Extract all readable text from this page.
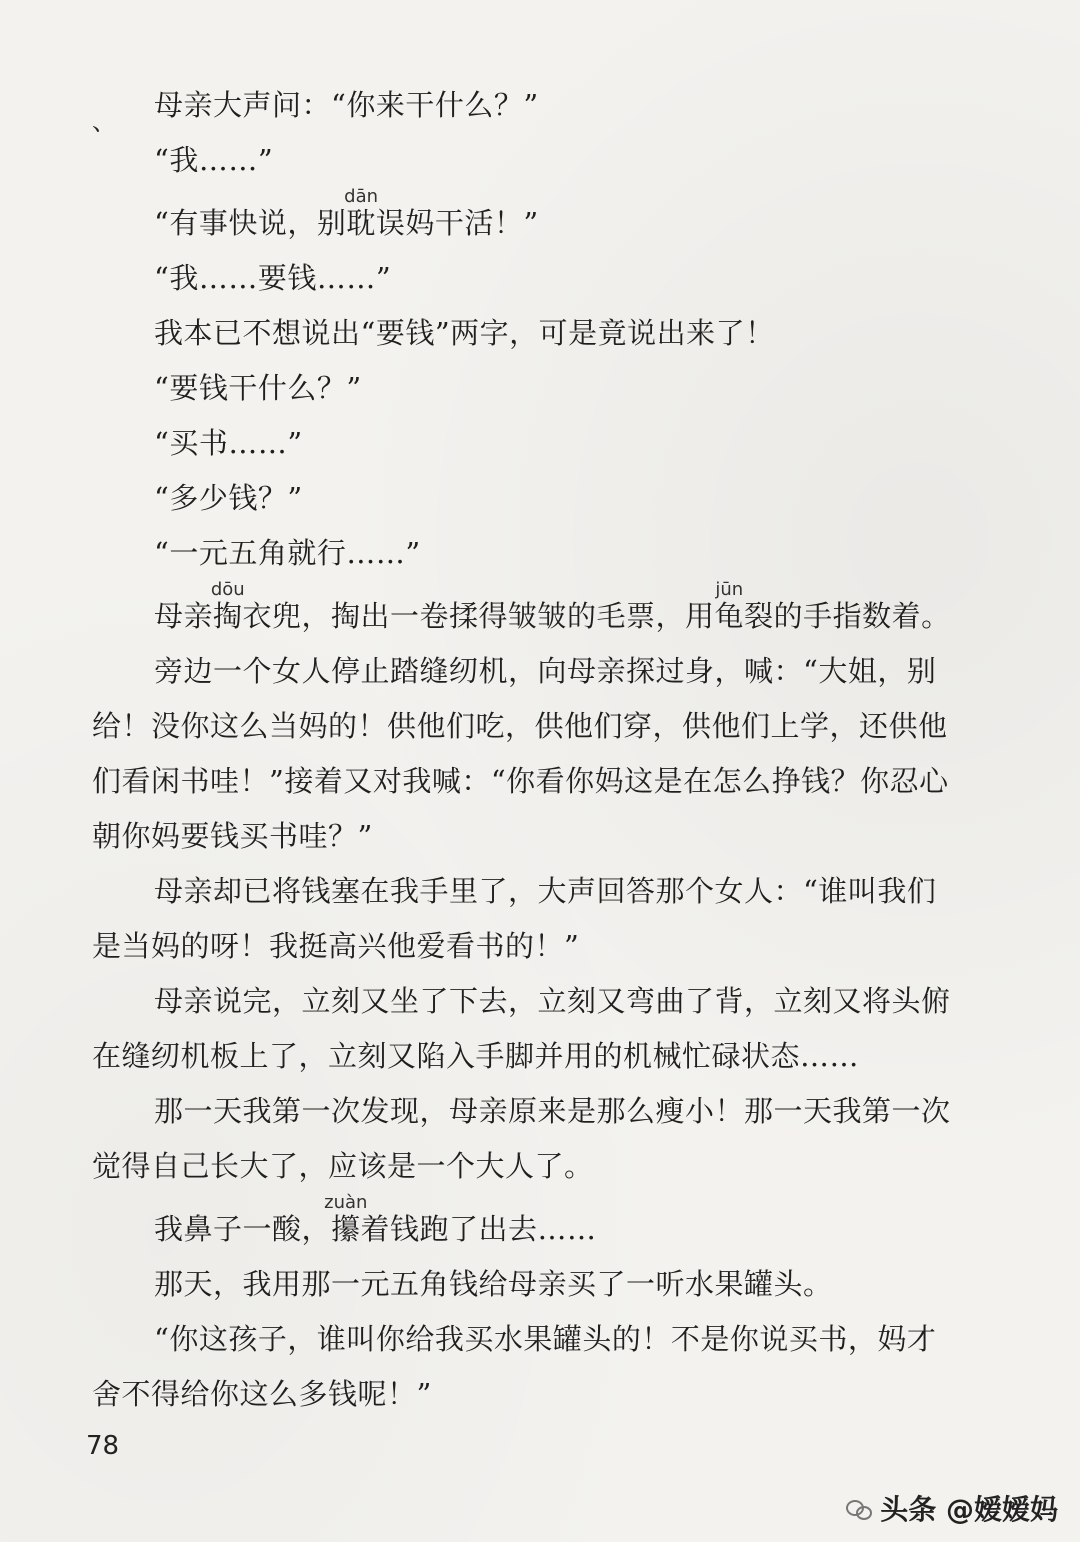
、	母亲大声问：“你来干什么？”

“我……”

“有事快说，别耽dān误妈干活！”

“我……要钱……”

我本已不想说出“要钱”两字，可是竟说出来了！

“要钱干什么？”

“买书……”

“多少钱？”

“一元五角就行……”

母亲掏dōu衣兜，掏出一卷揉得皱皱的毛票，用龟jūn裂的手指数着。

旁边一个女人停止踏缝纫机，向母亲探过身，喊：“大姐，别

给！没你这么当妈的！供他们吃，供他们穿，供他们上学，还供他

们看闲书哇！”接着又对我喊：“你看你妈这是在怎么挣钱？你忍心

朝你妈要钱买书哇？”

母亲却已将钱塞在我手里了，大声回答那个女人：“谁叫我们

是当妈的呀！我挺高兴他爱看书的！”

母亲说完，立刻又坐了下去，立刻又弯曲了背，立刻又将头俯

在缝纫机板上了，立刻又陷入手脚并用的机械忙碌状态……

那一天我第一次发现，母亲原来是那么瘦小！那一天我第一次

觉得自己长大了，应该是一个大人了。

我鼻子一酸，攥zuàn着钱跑了出去……

那天，我用那一元五角钱给母亲买了一听水果罐头。

“你这孩子，谁叫你给我买水果罐头的！不是你说买书，妈才

舍不得给你这么多钱呢！”

78
头条 @嫒嫒妈
